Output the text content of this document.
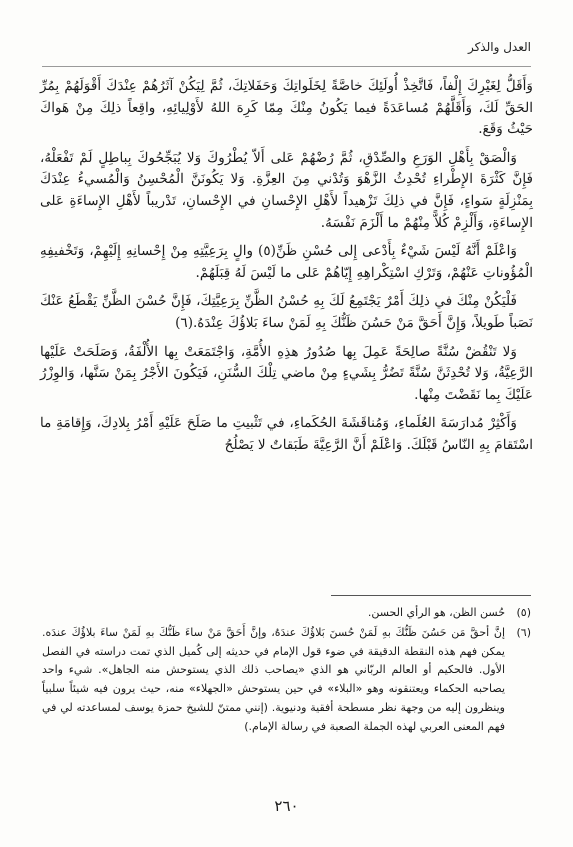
العدل والذكر

وَأَقَلُّ لِغَيْرِكَ إِلْفاً، فَاتَّخِذْ أُولَئِكَ خاصَّةً لِخَلَواتِكَ وَحَفَلاتِكَ، ثُمَّ لِيَكُنْ آثَرُهُمْ عِنْدَكَ أَقْوَلَهُمْ بِمُرِّ الحَقِّ لَكَ، وَأَقَلَّهُمْ مُساعَدَةً فيما يَكُونُ مِنْكَ مِمّا كَرِهَ اللهُ لأَوْلِيائِهِ، واقِعاً ذلِكَ مِنْ هَواكَ حَيْثُ وَقَعَ.

وَالْصَقْ بِأَهْلِ الوَرَعِ والصِّدْقِ، ثُمَّ رُضْهُمْ عَلى أَلاّ يُطْرُوكَ وَلا يُبَجِّحُوكَ بِباطِلٍ لَمْ تَفْعَلْهُ، فَإِنَّ كَثْرَةَ الإِطْراءِ تُحْدِثُ الزَّهْوَ وَتُدْني مِنَ العِزَّةِ. وَلا يَكُونَنَّ الْمُحْسِنُ وَالْمُسيءُ عِنْدَكَ بِمَنْزِلَةٍ سَواءٍ، فَإِنَّ في ذلِكَ تَزْهيداً لأَهْلِ الإِحْسانِ في الإِحْسانِ، تَدْريباً لأَهْلِ الإِساءَةِ عَلى الإِساءَةِ، وَأَلْزِمْ كُلاًّ مِنْهُمْ ما أَلْزَمَ نَفْسَهُ.

وَاعْلَمْ أَنَّهُ لَيْسَ شَيْءٌ بِأَدْعى إِلى حُسْنِ ظَنِّ(٥) والٍ بِرَعِيَّتِهِ مِنْ إِحْسانِهِ إِلَيْهِمْ، وَتَخْفيفِهِ الْمُؤُوناتِ عَنْهُمْ، وَتَرْكِ اسْتِكْراهِهِ إِيّاهُمْ عَلى ما لَيْسَ لَهُ قِبَلَهُمْ.

فَلْيَكُنْ مِنْكَ في ذلِكَ أَمْرٌ يَجْتَمِعُ لَكَ بِهِ حُسْنُ الظَّنِّ بِرَعِيَّتِكَ، فَإِنَّ حُسْنَ الظَّنِّ يَقْطَعُ عَنْكَ نَصَباً طَويلاً، وَإِنَّ أَحَقَّ مَنْ حَسُنَ ظَنُّكَ بِهِ لَمَنْ ساءَ بَلاؤُكَ عِنْدَهُ.(٦)

وَلا تَنْقُضْ سُنَّةً صالِحَةً عَمِلَ بِها صُدُورُ هذِهِ الأُمَّةِ، وَاجْتَمَعَتْ بِها الأُلْفَةُ، وَصَلَحَتْ عَلَيْها الرَّعِيَّةُ، وَلا تُحْدِثَنَّ سُنَّةً تَضُرُّ بِشَيءٍ مِنْ ماضي تِلْكَ السُّنَنِ، فَيَكُونَ الأَجْرُ بِمَنْ سَنَّها، وَالوِزْرُ عَلَيْكَ بِما نَقَضْتَ مِنْها.

وَأَكْثِرْ مُدارَسَةَ العُلَماءِ، وَمُناقَشَةَ الحُكَماءِ، في تَثْبيتِ ما صَلَحَ عَلَيْهِ أَمْرُ بِلادِكَ، وَإِقامَةِ ما اسْتَقامَ بِهِ النّاسُ قَبْلَكَ. وَاعْلَمْ أَنَّ الرَّعِيَّةَ طَبَقاتٌ لا يَصْلُحُ

(٥)
حُسن الظن، هو الرأي الحسن.
(٦)
إنَّ أحقَّ مَن حَسُنَ ظَنُّكَ بهِ لَمَنْ حُسنَ بَلاؤُكَ عندَهُ، وإنَّ أَحَقَّ مَنْ ساءَ ظَنُّكَ بهِ لَمَنْ ساءَ بلاؤُكَ عندَه. يمكن فهم هذه النقطة الدقيقة في ضوء قول الإمام في حديثه إلى كُميل الذي تمت دراسته في الفصل الأول. فالحكيم أو العالم الربّاني هو الذي «يصاحب ذلك الذي يستوحش منه الجاهل». شيء واحد يصاحبه الحكماء ويعتنقونه وهو «البلاء» في حين يستوحش «الجهلاء» منه، حيث يرون فيه شيئاً سلبياً وينظرون إليه من وجهة نظر مسطحة أفقية ودنيوية. (إنني ممتنّ للشيخ حمزة يوسف لمساعدته لي في فهم المعنى العربي لهذه الجملة الصعبة في رسالة الإمام.)
٢٦٠
